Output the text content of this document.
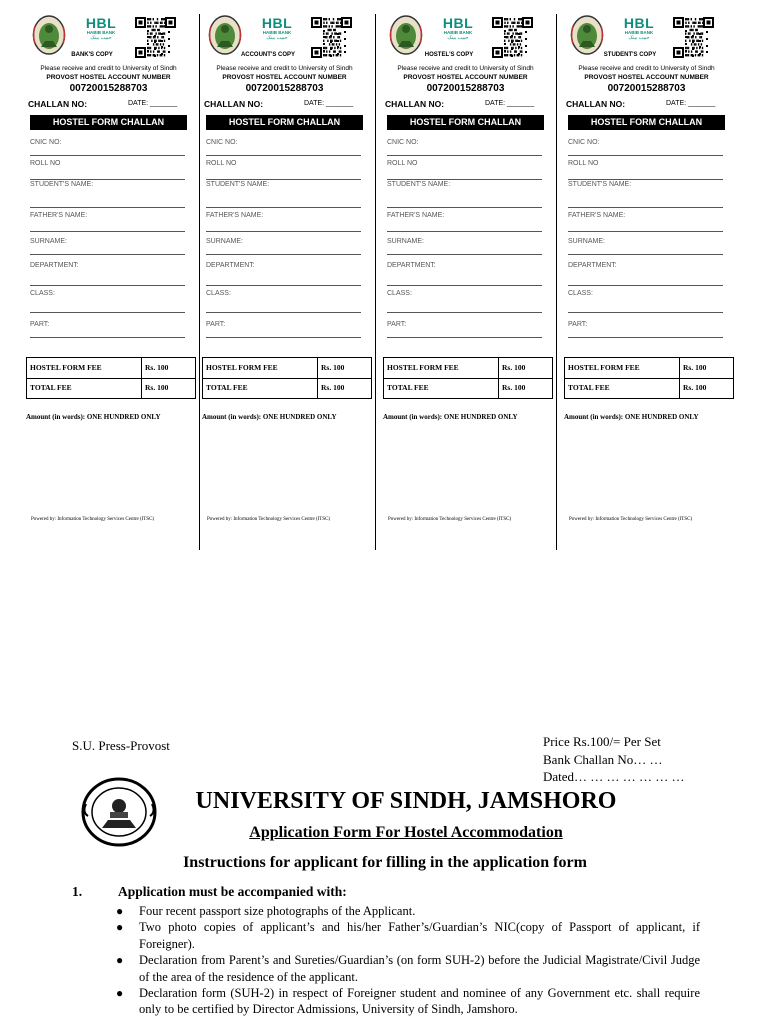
HBL
HABIB BANK
حبیب بینک
BANK'S COPY
Please receive and credit to University of Sindh
PROVOST HOSTEL ACCOUNT NUMBER
00720015288703
CHALLAN NO:	DATE: _______
HOSTEL FORM CHALLAN
CNIC NO:
ROLL NO
STUDENT'S NAME:
FATHER'S NAME:
SURNAME:
DEPARTMENT:
CLASS:
PART:
HOSTEL FORM FEE	Rs. 100
TOTAL FEE	Rs. 100
Amount (in words): ONE HUNDRED ONLY
Powered by: Information Technology Services Centre (ITSC)
HBL
HABIB BANK
حبیب بینک
ACCOUNT'S COPY
Please receive and credit to University of Sindh
PROVOST HOSTEL ACCOUNT NUMBER
00720015288703
CHALLAN NO:	DATE: _______
HOSTEL FORM CHALLAN
CNIC NO:
ROLL NO
STUDENT'S NAME:
FATHER'S NAME:
SURNAME:
DEPARTMENT:
CLASS:
PART:
HOSTEL FORM FEE	Rs. 100
TOTAL FEE	Rs. 100
Amount (in words): ONE HUNDRED ONLY
Powered by: Information Technology Services Centre (ITSC)
HBL
HABIB BANK
حبیب بینک
HOSTEL'S COPY
Please receive and credit to University of Sindh
PROVOST HOSTEL ACCOUNT NUMBER
00720015288703
CHALLAN NO:	DATE: _______
HOSTEL FORM CHALLAN
CNIC NO:
ROLL NO
STUDENT'S NAME:
FATHER'S NAME:
SURNAME:
DEPARTMENT:
CLASS:
PART:
HOSTEL FORM FEE	Rs. 100
TOTAL FEE	Rs. 100
Amount (in words): ONE HUNDRED ONLY
Powered by: Information Technology Services Centre (ITSC)
HBL
HABIB BANK
حبیب بینک
STUDENT'S COPY
Please receive and credit to University of Sindh
PROVOST HOSTEL ACCOUNT NUMBER
00720015288703
CHALLAN NO:	DATE: _______
HOSTEL FORM CHALLAN
CNIC NO:
ROLL NO
STUDENT'S NAME:
FATHER'S NAME:
SURNAME:
DEPARTMENT:
CLASS:
PART:
HOSTEL FORM FEE	Rs. 100
TOTAL FEE	Rs. 100
Amount (in words): ONE HUNDRED ONLY
Powered by: Information Technology Services Centre (ITSC)
S.U. Press-Provost	Price Rs.100/= Per Set
Bank Challan No… …
Dated… … … … … … …
UNIVERSITY OF SINDH, JAMSHORO
Application Form For Hostel Accommodation
Instructions for applicant for filling in the application form
1.	Application must be accompanied with:
● Four recent passport size photographs of the Applicant.
● Two photo copies of applicant’s and his/her Father’s/Guardian’s NIC(copy of Passport of applicant, if Foreigner).
● Declaration from Parent’s and Sureties/Guardian’s (on form SUH-2) before the Judicial Magistrate/Civil Judge of the area of the residence of the applicant.
● Declaration form (SUH-2) in respect of Foreigner student and nominee of any Government etc. shall require only to be certified by Director Admissions, University of Sindh, Jamshoro.
